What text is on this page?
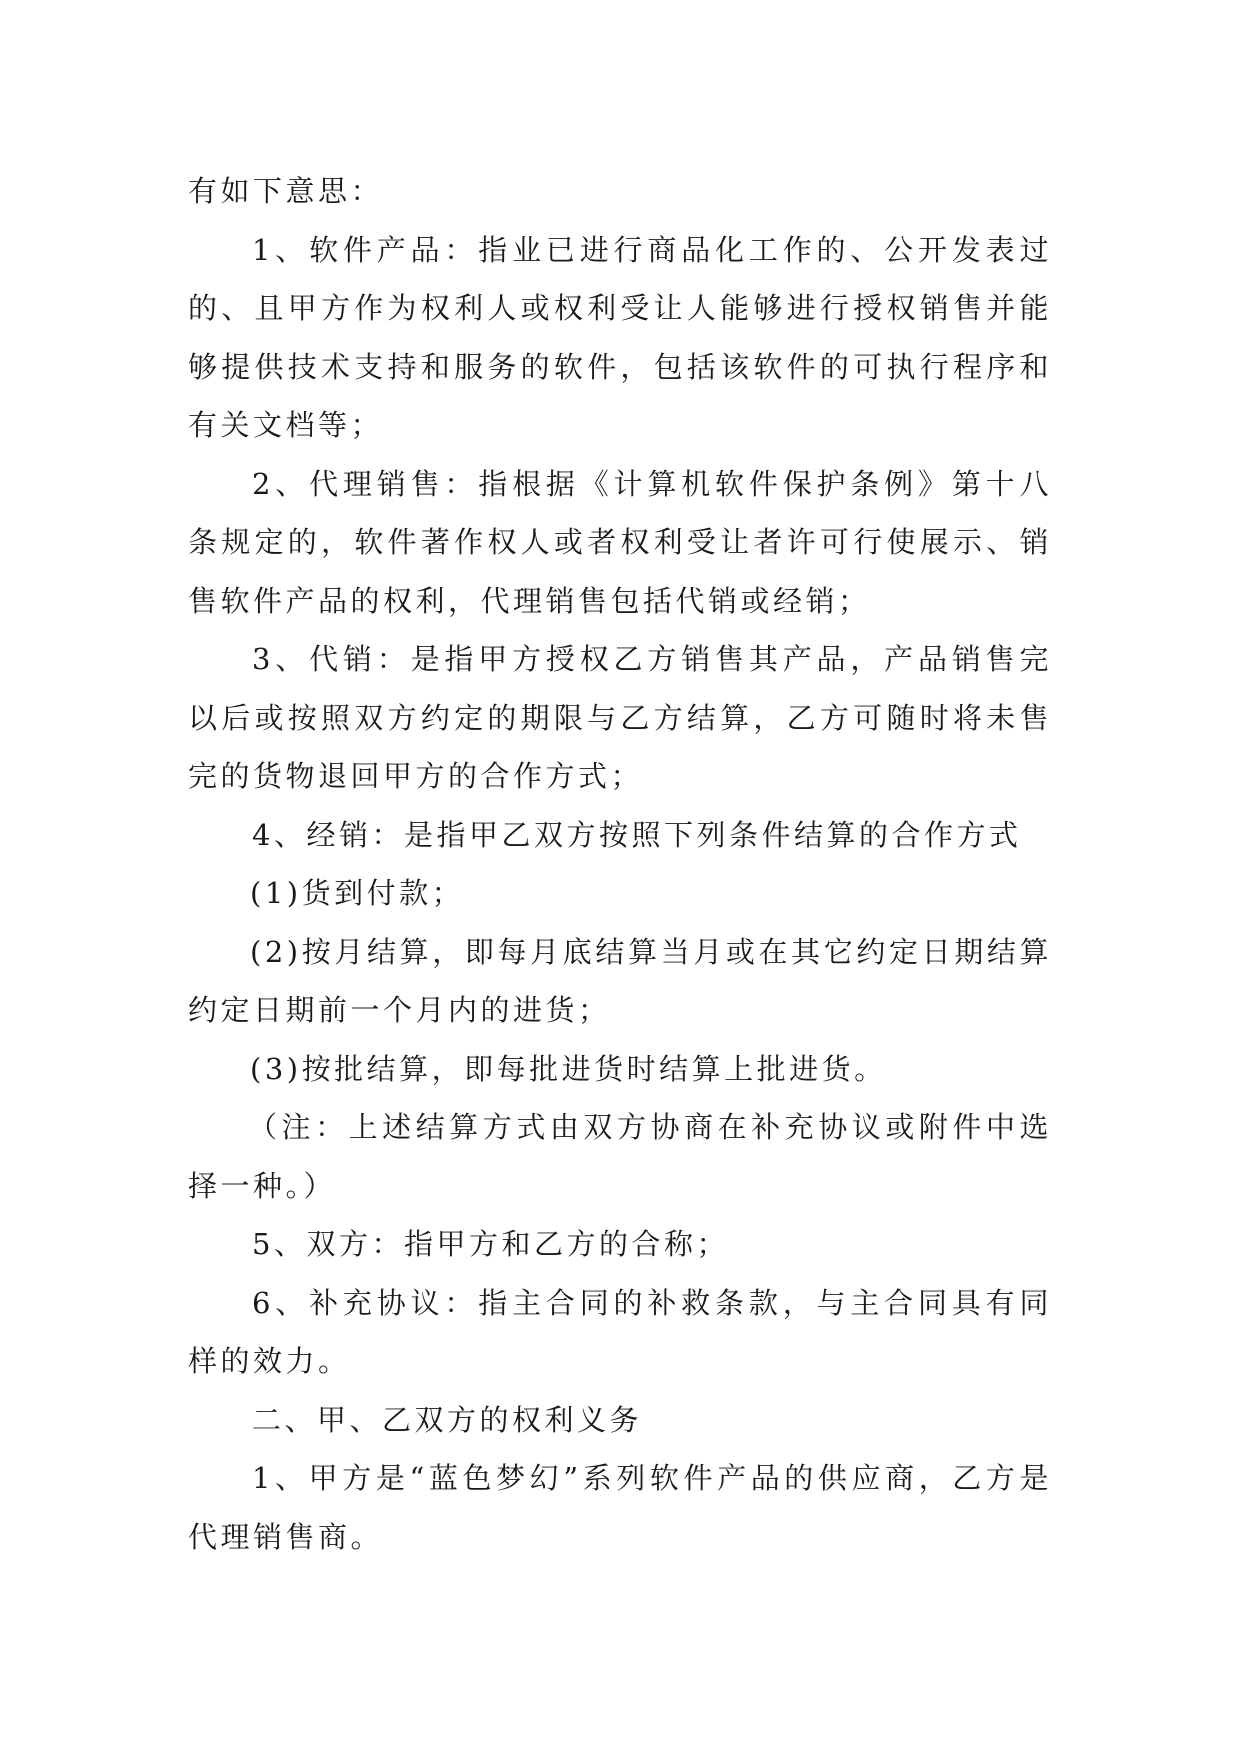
有如下意思：

1、软件产品：指业已进行商品化工作的、公开发表过的、且甲方作为权利人或权利受让人能够进行授权销售并能够提供技术支持和服务的软件，包括该软件的可执行程序和有关文档等；

2、代理销售：指根据《计算机软件保护条例》第十八条规定的，软件著作权人或者权利受让者许可行使展示、销售软件产品的权利，代理销售包括代销或经销；

3、代销：是指甲方授权乙方销售其产品，产品销售完以后或按照双方约定的期限与乙方结算，乙方可随时将未售完的货物退回甲方的合作方式；

4、经销：是指甲乙双方按照下列条件结算的合作方式

(1)货到付款；

(2)按月结算，即每月底结算当月或在其它约定日期结算约定日期前一个月内的进货；

(3)按批结算，即每批进货时结算上批进货。

（注：上述结算方式由双方协商在补充协议或附件中选择一种。）

5、双方：指甲方和乙方的合称；

6、补充协议：指主合同的补救条款，与主合同具有同样的效力。

二、甲、乙双方的权利义务

1、甲方是“蓝色梦幻”系列软件产品的供应商，乙方是代理销售商。
